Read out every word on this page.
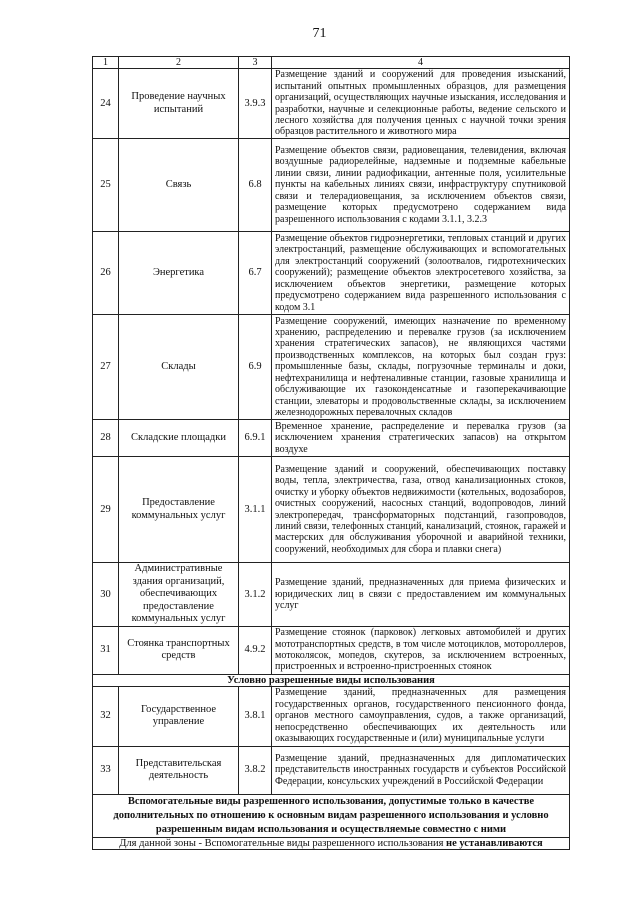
71
1	2	3	4
24	Проведение научных испытаний	3.9.3	Размещение зданий и сооружений для проведения изысканий, испытаний опытных промышленных образцов, для размещения организаций, осуществляющих научные изыскания, исследования и разработки, научные и селекционные работы, ведение сельского и лесного хозяйства для получения ценных с научной точки зрения образцов растительного и животного мира
25	Связь	6.8	Размещение объектов связи, радиовещания, телевидения, включая воздушные радиорелейные, надземные и подземные кабельные линии связи, линии радиофикации, антенные поля, усилительные пункты на кабельных линиях связи, инфраструктуру спутниковой связи и телерадиовещания, за исключением объектов связи, размещение которых предусмотрено содержанием вида разрешенного использования с кодами 3.1.1, 3.2.3
26	Энергетика	6.7	Размещение объектов гидроэнергетики, тепловых станций и других электростанций, размещение обслуживающих и вспомогательных для электростанций сооружений (золоотвалов, гидротехнических сооружений); размещение объектов электросетевого хозяйства, за исключением объектов энергетики, размещение которых предусмотрено содержанием вида разрешенного использования с кодом 3.1
27	Склады	6.9	Размещение сооружений, имеющих назначение по временному хранению, распределению и перевалке грузов (за исключением хранения стратегических запасов), не являющихся частями производственных комплексов, на которых был создан груз: промышленные базы, склады, погрузочные терминалы и доки, нефтехранилища и нефтеналивные станции, газовые хранилища и обслуживающие их газоконденсатные и газоперекачивающие станции, элеваторы и продовольственные склады, за исключением железнодорожных перевалочных складов
28	Складские площадки	6.9.1	Временное хранение, распределение и перевалка грузов (за исключением хранения стратегических запасов) на открытом воздухе
29	Предоставление коммунальных услуг	3.1.1	Размещение зданий и сооружений, обеспечивающих поставку воды, тепла, электричества, газа, отвод канализационных стоков, очистку и уборку объектов недвижимости (котельных, водозаборов, очистных сооружений, насосных станций, водопроводов, линий электропередач, трансформаторных подстанций, газопроводов, линий связи, телефонных станций, канализаций, стоянок, гаражей и мастерских для обслуживания уборочной и аварийной техники, сооружений, необходимых для сбора и плавки снега)
30	Административные здания организаций, обеспечивающих предоставление коммунальных услуг	3.1.2	Размещение зданий, предназначенных для приема физических и юридических лиц в связи с предоставлением им коммунальных услуг
31	Стоянка транспортных средств	4.9.2	Размещение стоянок (парковок) легковых автомобилей и других мототранспортных средств, в том числе мотоциклов, мотороллеров, мотоколясок, мопедов, скутеров, за исключением встроенных, пристроенных и встроенно-пристроенных стоянок
Условно разрешенные виды использования			
32	Государственное управление	3.8.1	Размещение зданий, предназначенных для размещения государственных органов, государственного пенсионного фонда, органов местного самоуправления, судов, а также организаций, непосредственно обеспечивающих их деятельность или оказывающих государственные и (или) муниципальные услуги
33	Представительская деятельность	3.8.2	Размещение зданий, предназначенных для дипломатических представительств иностранных государств и субъектов Российской Федерации, консульских учреждений в Российской Федерации
Вспомогательные виды разрешенного использования, допустимые только в качестве дополнительных по отношению к основным видам разрешенного использования и условно разрешенным видам использования и осуществляемые совместно с ними			
Для данной зоны - Вспомогательные виды разрешенного использования не устанавливаются			
